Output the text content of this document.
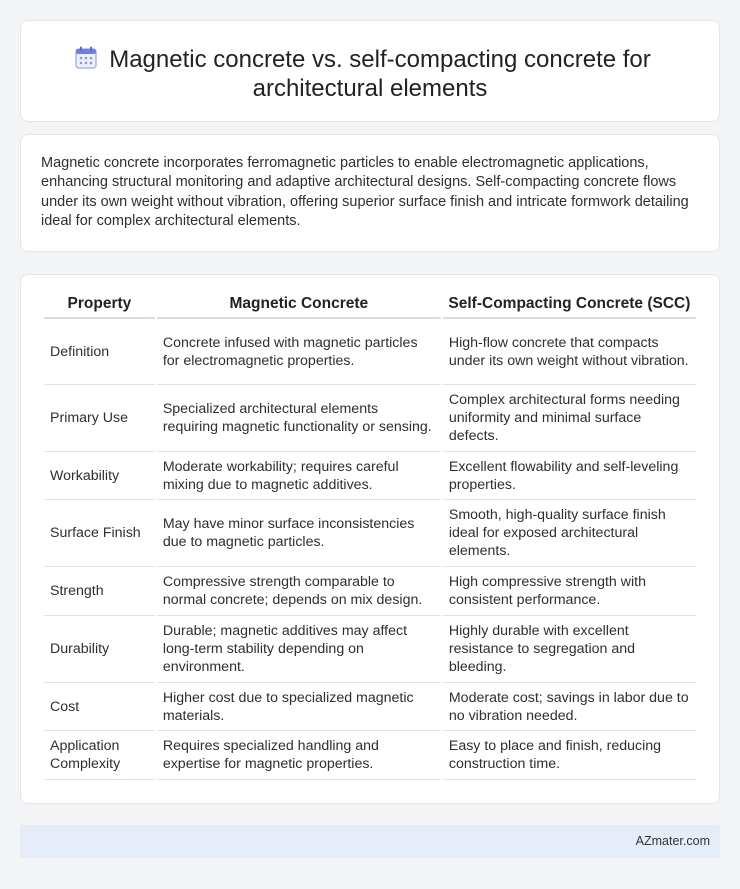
Magnetic concrete vs. self-compacting concrete for
architectural elements

Magnetic concrete incorporates ferromagnetic particles to enable electromagnetic applications, enhancing structural monitoring and adaptive architectural designs. Self-compacting concrete flows under its own weight without vibration, offering superior surface finish and intricate formwork detailing ideal for complex architectural elements.

Property	Magnetic Concrete	Self-Compacting Concrete (SCC)
Definition	Concrete infused with magnetic particles for electromagnetic properties.	High-flow concrete that compacts under its own weight without vibration.
Primary Use	Specialized architectural elements requiring magnetic functionality or sensing.	Complex architectural forms needing uniformity and minimal surface defects.
Workability	Moderate workability; requires careful mixing due to magnetic additives.	Excellent flowability and self-leveling properties.
Surface Finish	May have minor surface inconsistencies due to magnetic particles.	Smooth, high-quality surface finish ideal for exposed architectural elements.
Strength	Compressive strength comparable to normal concrete; depends on mix design.	High compressive strength with consistent performance.
Durability	Durable; magnetic additives may affect long-term stability depending on environment.	Highly durable with excellent resistance to segregation and bleeding.
Cost	Higher cost due to specialized magnetic materials.	Moderate cost; savings in labor due to no vibration needed.
Application Complexity	Requires specialized handling and expertise for magnetic properties.	Easy to place and finish, reducing construction time.
AZmater.com
